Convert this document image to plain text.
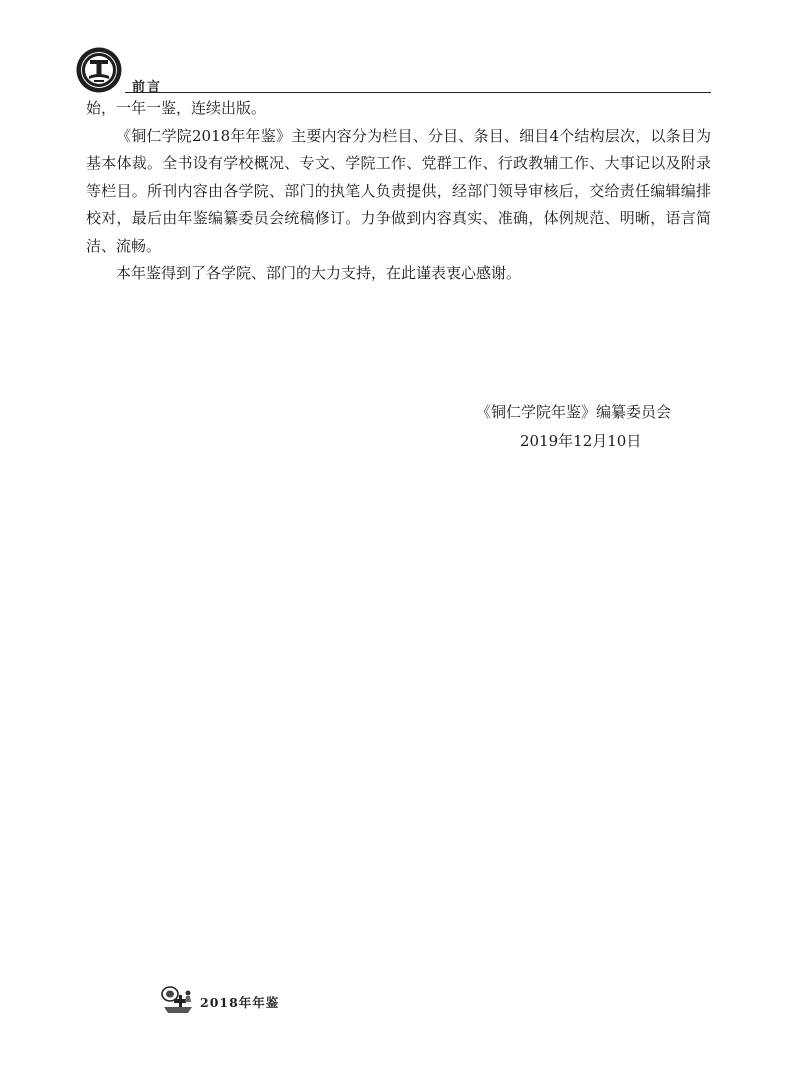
前言

始，一年一鉴，连续出版。

《铜仁学院2018年年鉴》主要内容分为栏目、分目、条目、细目4个结构层次，以条目为基本体裁。全书设有学校概况、专文、学院工作、党群工作、行政教辅工作、大事记以及附录等栏目。所刊内容由各学院、部门的执笔人负责提供，经部门领导审核后，交给责任编辑编排校对，最后由年鉴编纂委员会统稿修订。力争做到内容真实、准确，体例规范、明晰，语言简洁、流畅。

本年鉴得到了各学院、部门的大力支持，在此谨表衷心感谢。

《铜仁学院年鉴》编纂委员会
2019年12月10日
2018年年鉴
